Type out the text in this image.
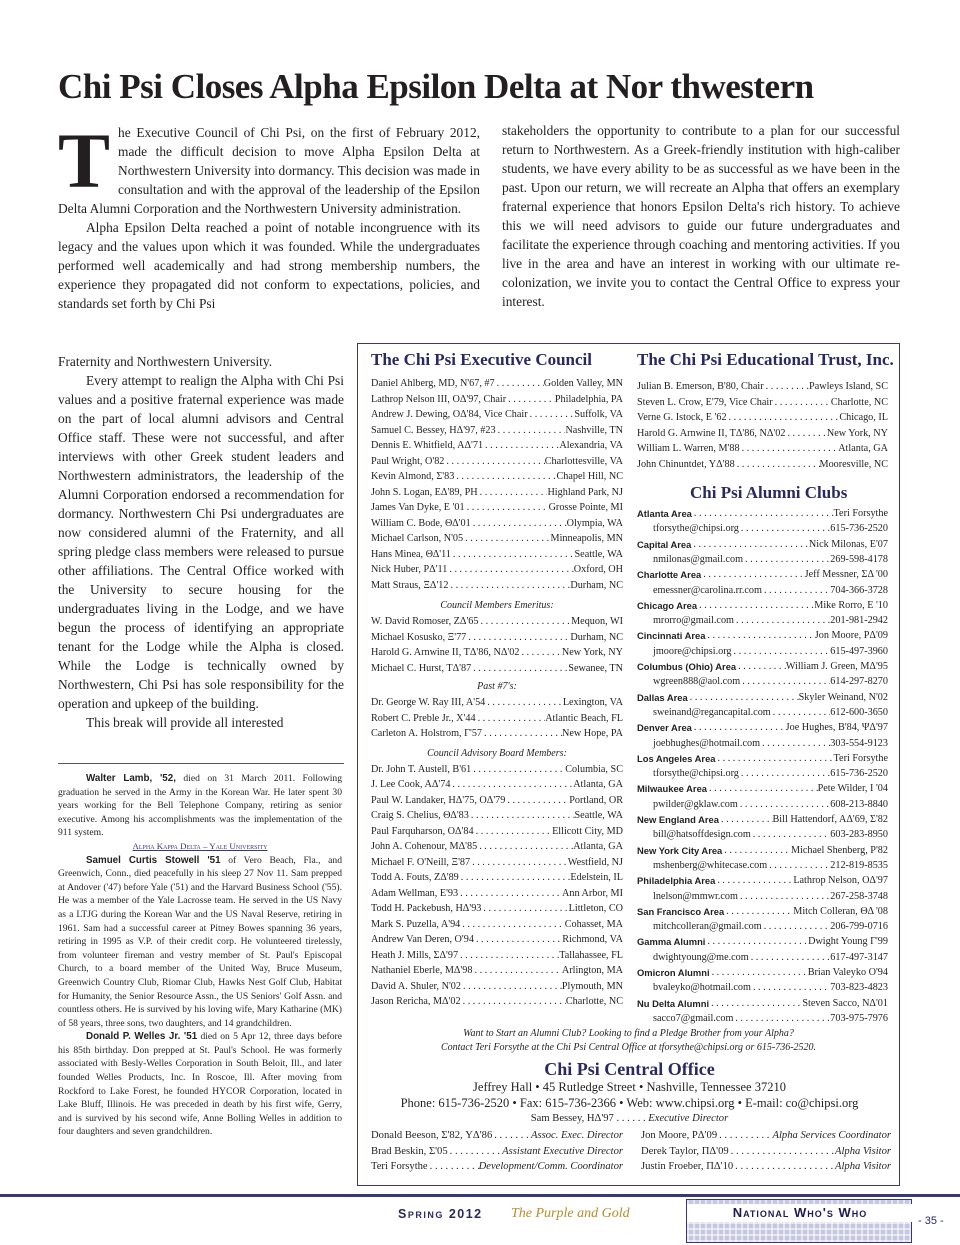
Chi Psi Closes Alpha Epsilon Delta at Nor thwestern
T he Executive Council of Chi Psi, on the first of February 2012, made the difficult decision to move Alpha Epsilon Delta at Northwestern University into dormancy. This decision was made in consultation and with the approval of the leadership of the Epsilon Delta Alumni Corporation and the Northwestern University administration.

Alpha Epsilon Delta reached a point of notable incongruence with its legacy and the values upon which it was founded. While the undergraduates performed well academically and had strong membership numbers, the experience they propagated did not conform to expectations, policies, and standards set forth by Chi Psi

Fraternity and Northwestern University.

Every attempt to realign the Alpha with Chi Psi values and a positive fraternal experience was made on the part of local alumni advisors and Central Office staff. These were not successful, and after interviews with other Greek student leaders and Northwestern administrators, the leadership of the Alumni Corporation endorsed a recommendation for dormancy. Northwestern Chi Psi undergraduates are now considered alumni of the Fraternity, and all spring pledge class members were released to pursue other affiliations. The Central Office worked with the University to secure housing for the undergraduates living in the Lodge, and we have begun the process of identifying an appropriate tenant for the Lodge while the Alpha is closed. While the Lodge is technically owned by Northwestern, Chi Psi has sole responsibility for the operation and upkeep of the building.

This break will provide all interested

stakeholders the opportunity to contribute to a plan for our successful return to Northwestern. As a Greek-friendly institution with high-caliber students, we have every ability to be as successful as we have been in the past. Upon our return, we will recreate an Alpha that offers an exemplary fraternal experience that honors Epsilon Delta's rich history. To achieve this we will need advisors to guide our future undergraduates and facilitate the experience through coaching and mentoring activities. If you live in the area and have an interest in working with our ultimate re-colonization, we invite you to contact the Central Office to express your interest.

Walter Lamb, '52, died on 31 March 2011. Following graduation he served in the Army in the Korean War. He later spent 30 years working for the Bell Telephone Company, retiring as senior executive. Among his accomplishments was the implementation of the 911 system.

Alpha Kappa Delta – Yale University

Samuel Curtis Stowell '51 of Vero Beach, Fla., and Greenwich, Conn., died peacefully in his sleep 27 Nov 11. Sam prepped at Andover ('47) before Yale ('51) and the Harvard Business School ('55). He was a member of the Yale Lacrosse team. He served in the US Navy as a LTJG during the Korean War and the US Naval Reserve, retiring in 1961. Sam had a successful career at Pitney Bowes spanning 36 years, retiring in 1995 as V.P. of their credit corp. He volunteered tirelessly, from volunteer fireman and vestry member of St. Paul's Episcopal Church, to a board member of the United Way, Bruce Museum, Greenwich Country Club, Riomar Club, Hawks Nest Golf Club, Habitat for Humanity, the Senior Resource Assn., the US Seniors' Golf Assn. and countless others. He is survived by his loving wife, Mary Katharine (MK) of 58 years, three sons, two daughters, and 14 grandchildren.

Donald P. Welles Jr. '51 died on 5 Apr 12, three days before his 85th birthday. Don prepped at St. Paul's School. He was formerly associated with Besly-Welles Corporation in South Beloit, Ill., and later founded Welles Products, Inc. In Roscoe, Ill. After moving from Rockford to Lake Forest, he founded HYCOR Corporation, located in Lake Bluff, Illinois. He was preceded in death by his first wife, Gerry, and is survived by his second wife, Anne Bolling Welles in addition to four daughters and seven grandchildren.

The Chi Psi Executive Council	The Chi Psi Educational Trust, Inc.
Chi Psi Alumni Clubs
Daniel Ahlberg, MD, N'67, #7 . . .	Golden Valley, MN
Lathrop Nelson III, OΔ'97, Chair . . .	Philadelphia, PA
Andrew J. Dewing, OΔ'84, Vice Chair . . .	Suffolk, VA
Samuel C. Bessey, HΔ'97, #23 . . .	Nashville, TN
Dennis E. Whitfield, AΔ'71 . . .	Alexandria, VA
Paul Wright, O'82 . . .	Charlottesville, VA
Kevin Almond, Σ'83 . . .	Chapel Hill, NC
John S. Logan, EΔ'89, PH . . .	Highland Park, NJ
James Van Dyke, E '01 . . .	Grosse Pointe, MI
William C. Bode, ΘΔ'01 . . .	Olympia, WA
Michael Carlson, N'05 . . .	Minneapolis, MN
Hans Minea, ΘΔ'11 . . .	Seattle, WA
Nick Huber, PΔ'11 . . .	Oxford, OH
Matt Straus, ΞΔ'12 . . .	Durham, NC
Council Members Emeritus:
W. David Romoser, ZΔ'65 . . .	Mequon, WI
Michael Kosusko, Ξ'77 . . .	Durham, NC
Harold G. Arnwine II, TΔ'86, NΔ'02 . . .	New York, NY
Michael C. Hurst, TΔ'87 . . .	Sewanee, TN
Past #7's:
Dr. George W. Ray III, A'54 . . .	Lexington, VA
Robert C. Preble Jr., X'44 . . .	Atlantic Beach, FL
Carleton A. Holstrom, Γ'57 . . .	New Hope, PA
Council Advisory Board Members:
Dr. John T. Austell, B'61 . . .	Columbia, SC
J. Lee Cook, AΔ'74 . . .	Atlanta, GA
Paul W. Landaker, HΔ'75, OΔ'79 . . .	Portland, OR
Craig S. Chelius, ΘΔ'83 . . .	Seattle, WA
Paul Farquharson, OΔ'84 . . .	Ellicott City, MD
John A. Cohenour, MΔ'85 . . .	Atlanta, GA
Michael F. O'Neill, Ξ'87 . . .	Westfield, NJ
Todd A. Fouts, ZΔ'89 . . .	Edelstein, IL
Adam Wellman, E'93 . . .	Ann Arbor, MI
Todd H. Packebush, HΔ'93 . . .	Littleton, CO
Mark S. Puzella, A'94 . . .	Cohasset, MA
Andrew Van Deren, O'94 . . .	Richmond, VA
Heath J. Mills, ΣΔ'97 . . .	Tallahassee, FL
Nathaniel Eberle, MΔ'98 . . .	Arlington, MA
David A. Shuler, N'02 . . .	Plymouth, MN
Jason Rericha, MΔ'02 . . .	Charlotte, NC
Julian B. Emerson, B'80, Chair . . .	Pawleys Island, SC
Steven L. Crow, E'79, Vice Chair . . .	Charlotte, NC
Verne G. Istock, E '62 . . .	Chicago, IL
Harold G. Arnwine II, TΔ'86, NΔ'02 . . .	New York, NY
William L. Warren, M'88 . . .	Atlanta, GA
John Chinuntdet, YΔ'88 . . .	Mooresville, NC
Atlanta Area . . .	Teri Forsythe
tforsythe@chipsi.org . . .	615-736-2520
Capital Area . . .	Nick Milonas, E'07
nmilonas@gmail.com . . .	269-598-4178
Charlotte Area . . .	Jeff Messner, ΣΔ '00
emessner@carolina.rr.com . . .	704-366-3728
Chicago Area . . .	Mike Rorro, E '10
mrorro@gmail.com . . .	201-981-2942
Cincinnati Area . . .	Jon Moore, PΔ'09
jmoore@chipsi.org . . .	615-497-3960
Columbus (Ohio) Area . . .	William J. Green, MΔ'95
wgreen888@aol.com . . .	614-297-8270
Dallas Area . . .	Skyler Weinand, N'02
sweinand@regancapital.com . . .	612-600-3650
Denver Area . . .	Joe Hughes, B'84, ΨΔ'97
joebhughes@hotmail.com . . .	303-554-9123
Los Angeles Area . . .	Teri Forsythe
tforsythe@chipsi.org . . .	615-736-2520
Milwaukee Area . . .	Pete Wilder, I '04
pwilder@gklaw.com . . .	608-213-8840
New England Area . . .	Bill Hattendorf, AΔ'69, Σ'82
bill@hatsoffdesign.com . . .	603-283-8950
New York City Area . . .	Michael Shenberg, P'82
mshenberg@whitecase.com . . .	212-819-8535
Philadelphia Area . . .	Lathrop Nelson, OΔ'97
lnelson@mmwr.com . . .	267-258-3748
San Francisco Area . . .	Mitch Colleran, ΘΔ '08
mitchcolleran@gmail.com . . .	206-799-0716
Gamma Alumni . . .	Dwight Young Γ'99
dwightyoung@me.com . . .	617-497-3147
Omicron Alumni . . .	Brian Valeyko O'94
bvaleyko@hotmail.com . . .	703-823-4823
Nu Delta Alumni . . .	Steven Sacco, NΔ'01
sacco7@gmail.com . . .	703-975-7976
Want to Start an Alumni Club? Looking to find a Pledge Brother from your Alpha?
Contact Teri Forsythe at the Chi Psi Central Office at tforsythe@chipsi.org or 615-736-2520.
Chi Psi Central Office
Jeffrey Hall • 45 Rutledge Street • Nashville, Tennessee 37210
Phone: 615-736-2520 • Fax: 615-736-2366 • Web: www.chipsi.org • E-mail: co@chipsi.org
Sam Bessey, HΔ'97 . . . . . . Executive Director
Donald Beeson, Σ'82, YΔ'86 . . .	Assoc. Exec. Director
Brad Beskin, Σ'05 . . .	Assistant Executive Director
Teri Forsythe . . .	Development/Comm. Coordinator
Jon Moore, PΔ'09 . . .	Alpha Services Coordinator
Derek Taylor, ΠΔ'09 . . .	Alpha Visitor
Justin Froeber, ΠΔ'10 . . .	Alpha Visitor
Spring 2012 The Purple and Gold	National Who's Who
- 35 -
